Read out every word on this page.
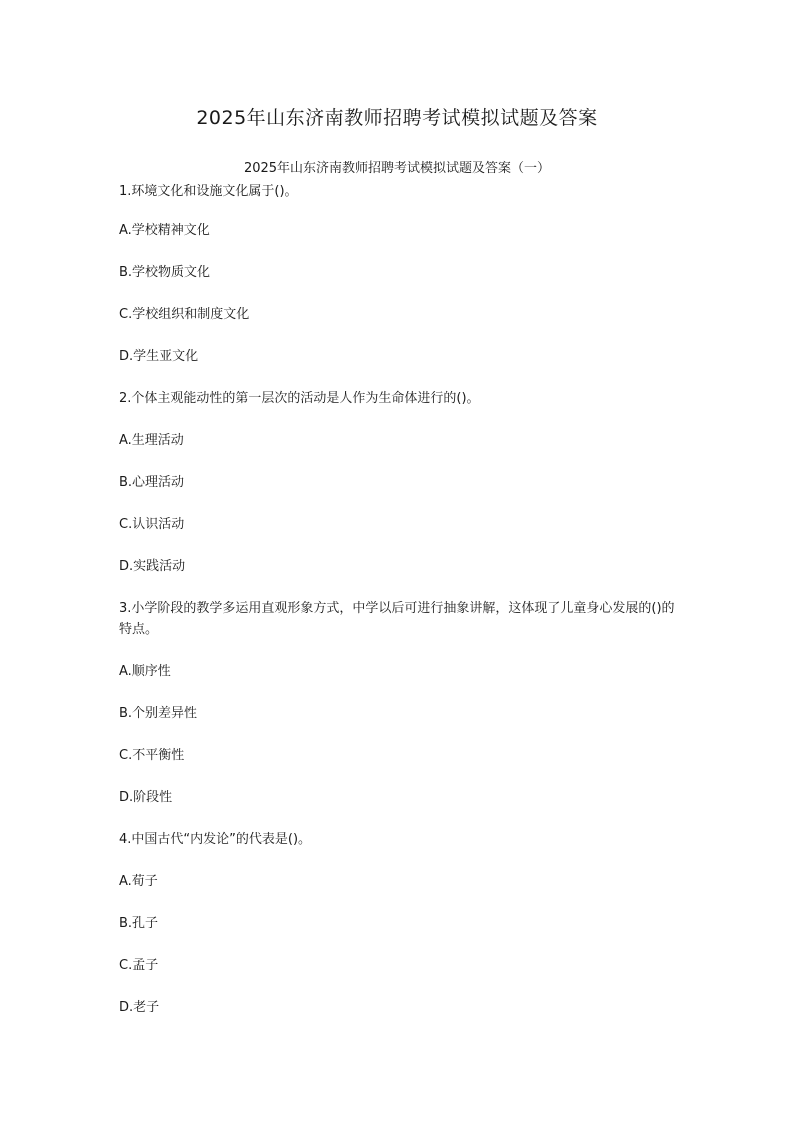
2025年山东济南教师招聘考试模拟试题及答案
2025年山东济南教师招聘考试模拟试题及答案（一）

1.环境文化和设施文化属于()。

A.学校精神文化

B.学校物质文化

C.学校组织和制度文化

D.学生亚文化

2.个体主观能动性的第一层次的活动是人作为生命体进行的()。

A.生理活动

B.心理活动

C.认识活动

D.实践活动

3.小学阶段的教学多运用直观形象方式，中学以后可进行抽象讲解，这体现了儿童身心发展的()的特点。

A.顺序性

B.个别差异性

C.不平衡性

D.阶段性

4.中国古代“内发论”的代表是()。

A.荀子

B.孔子

C.孟子

D.老子
